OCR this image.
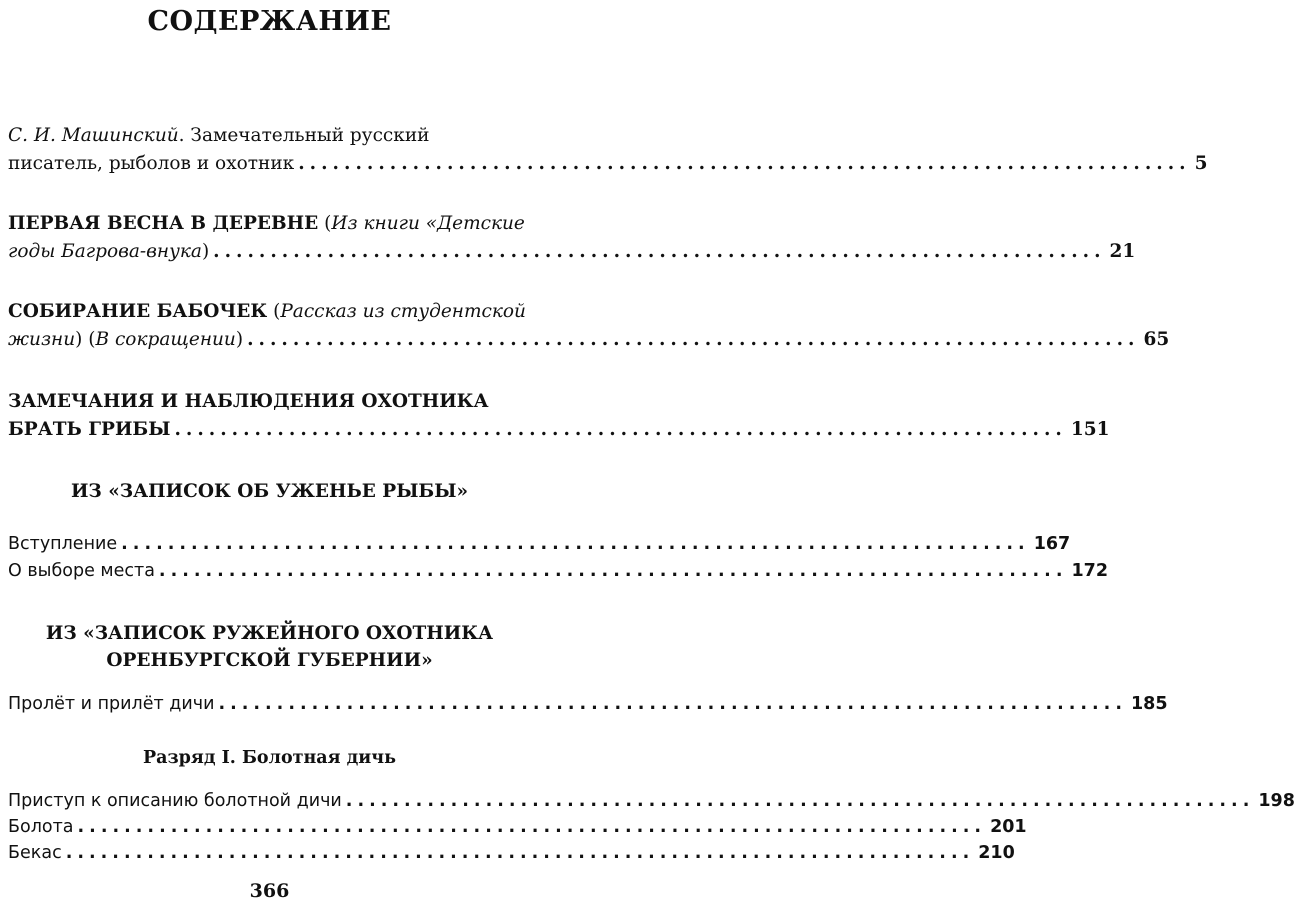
СОДЕРЖАНИЕ
С. И. Машинский. Замечательный русский
писатель, рыболов и охотник .............................................................................. 5
ПЕРВАЯ ВЕСНА В ДЕРЕВНЕ (Из книги «Детские
годы Багрова-внука) .............................................................................. 21
СОБИРАНИЕ БАБОЧЕК (Рассказ из студентской
жизни) (В сокращении) .............................................................................. 65
ЗАМЕЧАНИЯ И НАБЛЮДЕНИЯ ОХОТНИКА
БРАТЬ ГРИБЫ .............................................................................. 151
ИЗ «ЗАПИСОК ОБ УЖЕНЬЕ РЫБЫ»
Вступление .............................................................................. 167
О выборе места .............................................................................. 172
ИЗ «ЗАПИСОК РУЖЕЙНОГО ОХОТНИКА
ОРЕНБУРГСКОЙ ГУБЕРНИИ»
Пролёт и прилёт дичи .............................................................................. 185
Разряд I. Болотная дичь
Приступ к описанию болотной дичи .............................................................................. 198
Болота .............................................................................. 201
Бекас .............................................................................. 210
366
